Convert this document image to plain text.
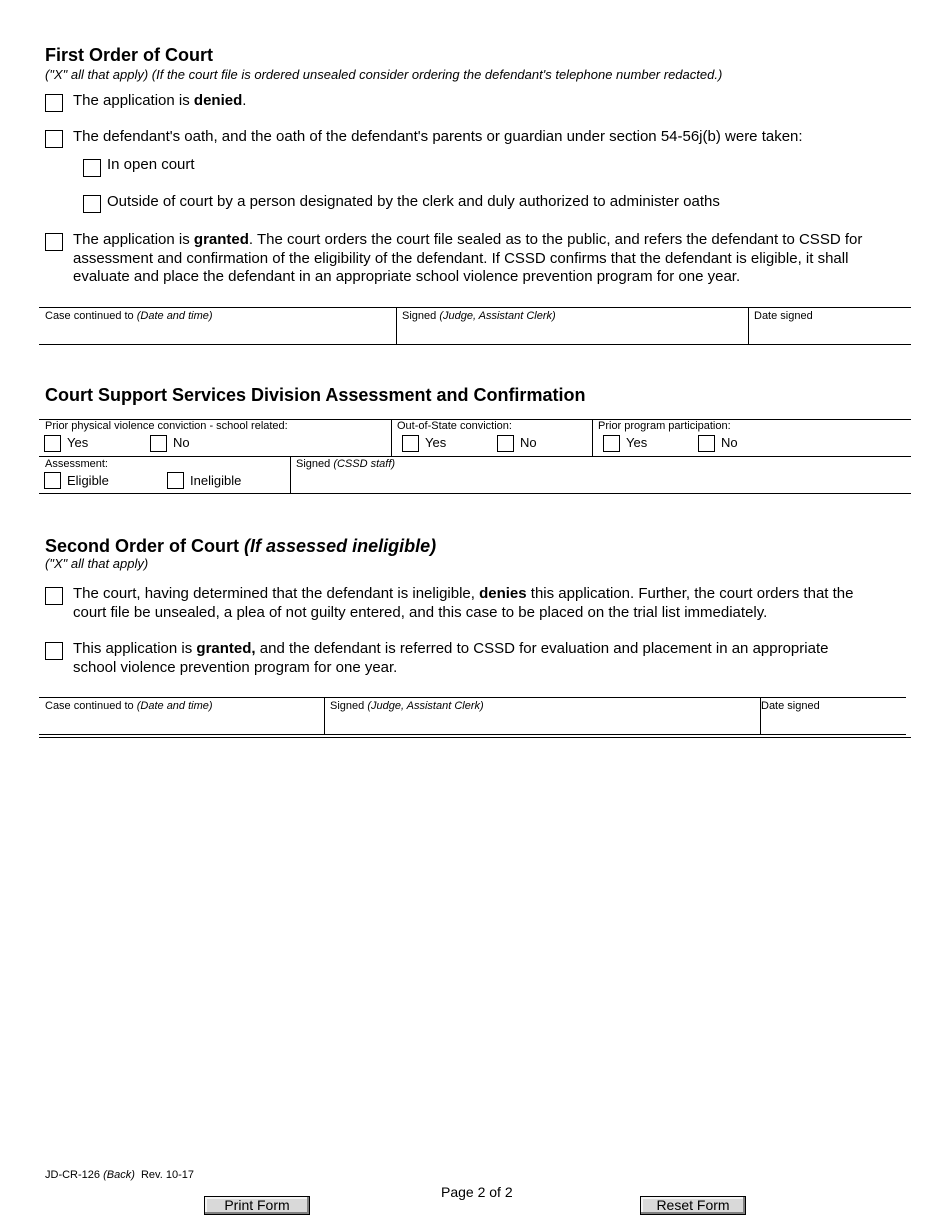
First Order of Court
("X" all that apply) (If the court file is ordered unsealed consider ordering the defendant's telephone number redacted.)
The application is denied.
The defendant's oath, and the oath of the defendant's parents or guardian under section 54-56j(b) were taken:
In open court
Outside of court by a person designated by the clerk and duly authorized to administer oaths
The application is granted. The court orders the court file sealed as to the public, and refers the defendant to CSSD for assessment and confirmation of the eligibility of the defendant. If CSSD confirms that the defendant is eligible, it shall evaluate and place the defendant in an appropriate school violence prevention program for one year.
Case continued to (Date and time)	Signed (Judge, Assistant Clerk)	Date signed
Court Support Services Division Assessment and Confirmation
Prior physical violence conviction - school related:
Yes	No
Out-of-State conviction:
Yes	No
Prior program participation:
Yes	No
Assessment:
Eligible	Ineligible
Signed (CSSD staff)
Second Order of Court (If assessed ineligible)
("X" all that apply)
The court, having determined that the defendant is ineligible, denies this application. Further, the court orders that the court file be unsealed, a plea of not guilty entered, and this case to be placed on the trial list immediately.
This application is granted, and the defendant is referred to CSSD for evaluation and placement in an appropriate school violence prevention program for one year.
Case continued to (Date and time)	Signed (Judge, Assistant Clerk)	Date signed
JD-CR-126 (Back)  Rev. 10-17
Page 2 of 2
Print Form	Reset Form
